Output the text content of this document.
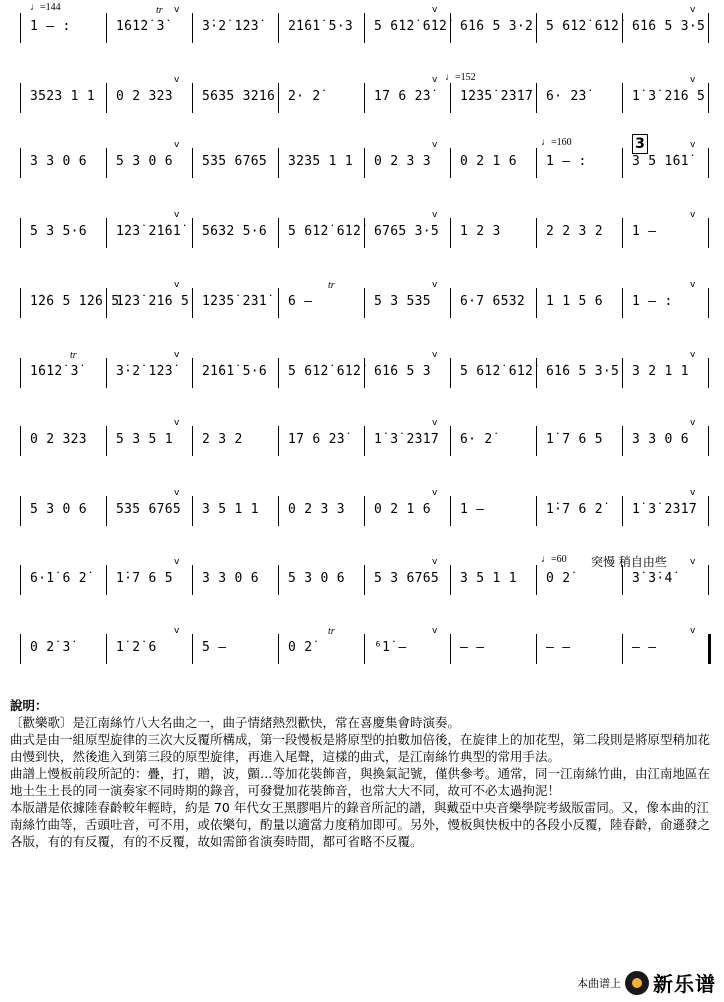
1 – :	1̇6̇1̇2̇ 3̇
v
3̇·2̇ 1̇2̇3̇ 2̇1̇6̇1̇ 5·3 5 6̇1̇2̇ 6̇1̇2̇
v
6̇1̇6 5 3·2 5 6̇1̇2̇ 6̇1̇2̇ 6̇1̇6 5 3·5
v
♩=144	tr
3523 1 1 0 2 323
v
5635 3216 2· 2̇	1̇7 6 2̇3̇
v
1̇2̇3̇5̇ 2̇3̇1̇7 6· 2̇3̇	1̇ 3̇ 2̇1̇6 5
v
♩=152
3 3 0 6 5 3 0 6
v
535 6765 3235 1 1 0 2 3 3
v
0 2 1 6 1 – :	3 5 1̇6̇1̇
v
♩=160	3
5 3 5·6 1̇2̇3̇ 2̇1̇6̇1̇
v
5632 5·6 5 6̇1̇2̇ 6̇1̇2̇ 6765 3·5
v
1 2 3	2 2 3 2 1 –
v
1̇2̇6 5 1̇2̇6 5
1̇2̇3̇ 2̇1̇6 5
v
1̇2̇3̇5̇ 2̇3̇1̇ 6 –	5 3 535
v
6·7 6532 1 1 5 6 1 – :
v
tr
1̇6̇1̇2̇ 3̇	3̇·2̇ 1̇2̇3̇
v
2̇1̇6̇1̇ 5·6 5 6̇1̇2̇ 6̇1̇2̇ 6̇1̇6 5 3
v
5 6̇1̇2̇ 6̇1̇2̇ 6̇1̇6 5 3·5 3 2 1 1
v
tr
0 2 323 5 3 5 1
v
2 3 2	1̇7 6 2̇3̇ 1̇ 3̇ 2̇3̇1̇7
v
6· 2̇	1̇ 7 6 5 3 3 0 6
v
5 3 0 6 535 6765
v
3 5 1 1 0 2 3 3 0 2 1 6
v
1 –	1̇·7 6 2̇ 1̇ 3̇ 2̇3̇1̇7
v
6·1̇ 6 2̇ 1̇·7 6 5
v
3 3 0 6 5 3 0 6 5 3 6765
v
3 5 1 1 0 2̇	3̇ 3̇·4̇
v
♩=60 突慢 稍自由些
0 2̇ 3̇	1̇ 2̇ 6
v
5 –	0 2̇	⁶1̇ –
v
– –	– –	– –
v
tr

說明：

〔歡樂歌〕是江南絲竹八大名曲之一，曲子情緒熱烈歡快，常在喜慶集會時演奏。

曲式是由一組原型旋律的三次大反覆所構成，第一段慢板是將原型的拍數加倍後，在旋律上的加花型，第二段則是將原型稍加花由慢到快，然後進入到第三段的原型旋律，再進入尾聲，這樣的曲式，是江南絲竹典型的常用手法。

曲譜上慢板前段所記的：疊，打，贈，波，顫…等加花裝飾音，與換氣記號，僅供參考。通常，同一江南絲竹曲，由江南地區在地土生土長的同一演奏家不同時期的錄音，可發覺加花裝飾音，也常大大不同，故可不必太過拘泥！

本版譜是依據陸春齡較年輕時，約是 70 年代女王黑膠唱片的錄音所記的譜，與戴亞中央音樂學院考級版雷同。又，像本曲的江南絲竹曲等，舌頭吐音，可不用，或依樂句，酌量以適當力度稍加即可。另外，慢板與快板中的各段小反覆，陸春齡，俞遜發之各版，有的有反覆，有的不反覆，故如需節省演奏時間，都可省略不反覆。

本曲谱上 新乐谱
